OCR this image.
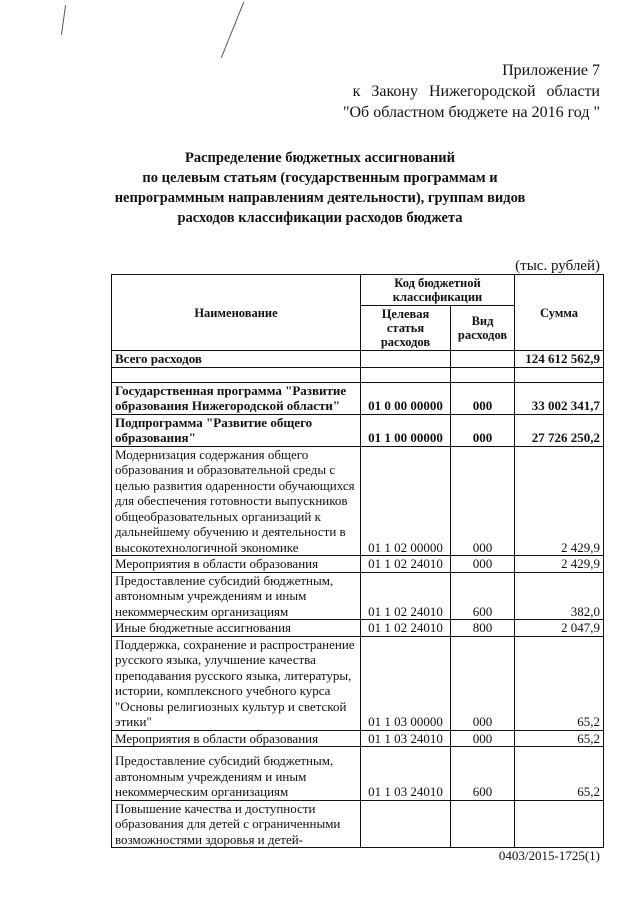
Приложение 7
к Закону Нижегородской области
"Об областном бюджете на 2016 год "
Распределение бюджетных ассигнований
по целевым статьям (государственным программам и
непрограммным направлениям деятельности), группам видов
расходов классификации расходов бюджета
(тыс. рублей)
Наименование	Код бюджетной классификации		Сумма
	Целевая статья расходов	Вид расходов	
Всего расходов			124 612 562,9

Государственная программа "Развитие образования Нижегородской области"	01 0 00 00000	000	33 002 341,7
Подпрограмма "Развитие общего образования"	01 1 00 00000	000	27 726 250,2
Модернизация содержания общего образования и образовательной среды с целью развития одаренности обучающихся для обеспечения готовности выпускников общеобразовательных организаций к дальнейшему обучению и деятельности в высокотехнологичной экономике	01 1 02 00000	000	2 429,9
Мероприятия в области образования	01 1 02 24010	000	2 429,9
Предоставление субсидий бюджетным, автономным учреждениям и иным некоммерческим организациям	01 1 02 24010	600	382,0
Иные бюджетные ассигнования	01 1 02 24010	800	2 047,9
Поддержка, сохранение и распространение русского языка, улучшение качества преподавания русского языка, литературы, истории, комплексного учебного курса "Основы религиозных культур и светской этики"	01 1 03 00000	000	65,2
Мероприятия в области образования	01 1 03 24010	000	65,2
Предоставление субсидий бюджетным, автономным учреждениям и иным некоммерческим организациям	01 1 03 24010	600	65,2
Повышение качества и доступности образования для детей с ограниченными возможностями здоровья и детей-			
0403/2015-1725(1)
